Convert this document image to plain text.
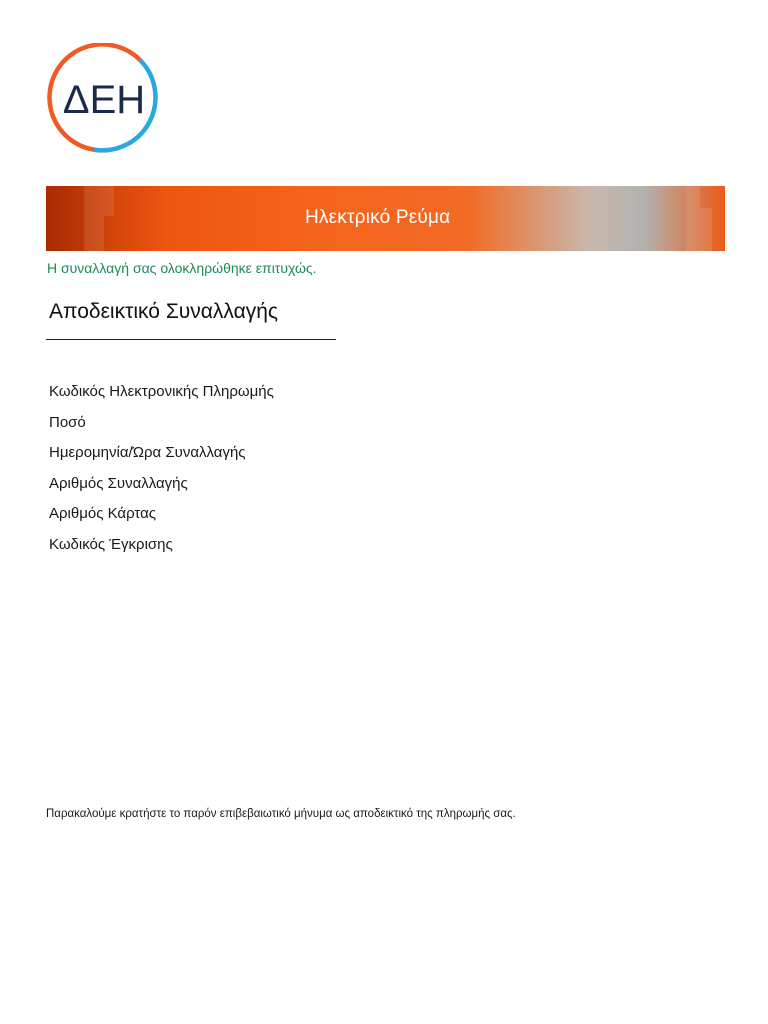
ΔΕΗ
Ηλεκτρικό Ρεύμα
Η συναλλαγή σας ολοκληρώθηκε επιτυχώς.
Αποδεικτικό Συναλλαγής
Κωδικός Ηλεκτρονικής Πληρωμής
Ποσό
Ημερομηνία/Ώρα Συναλλαγής
Αριθμός Συναλλαγής
Αριθμός Κάρτας
Κωδικός Έγκρισης
Παρακαλούμε κρατήστε το παρόν επιβεβαιωτικό μήνυμα ως αποδεικτικό της πληρωμής σας.
